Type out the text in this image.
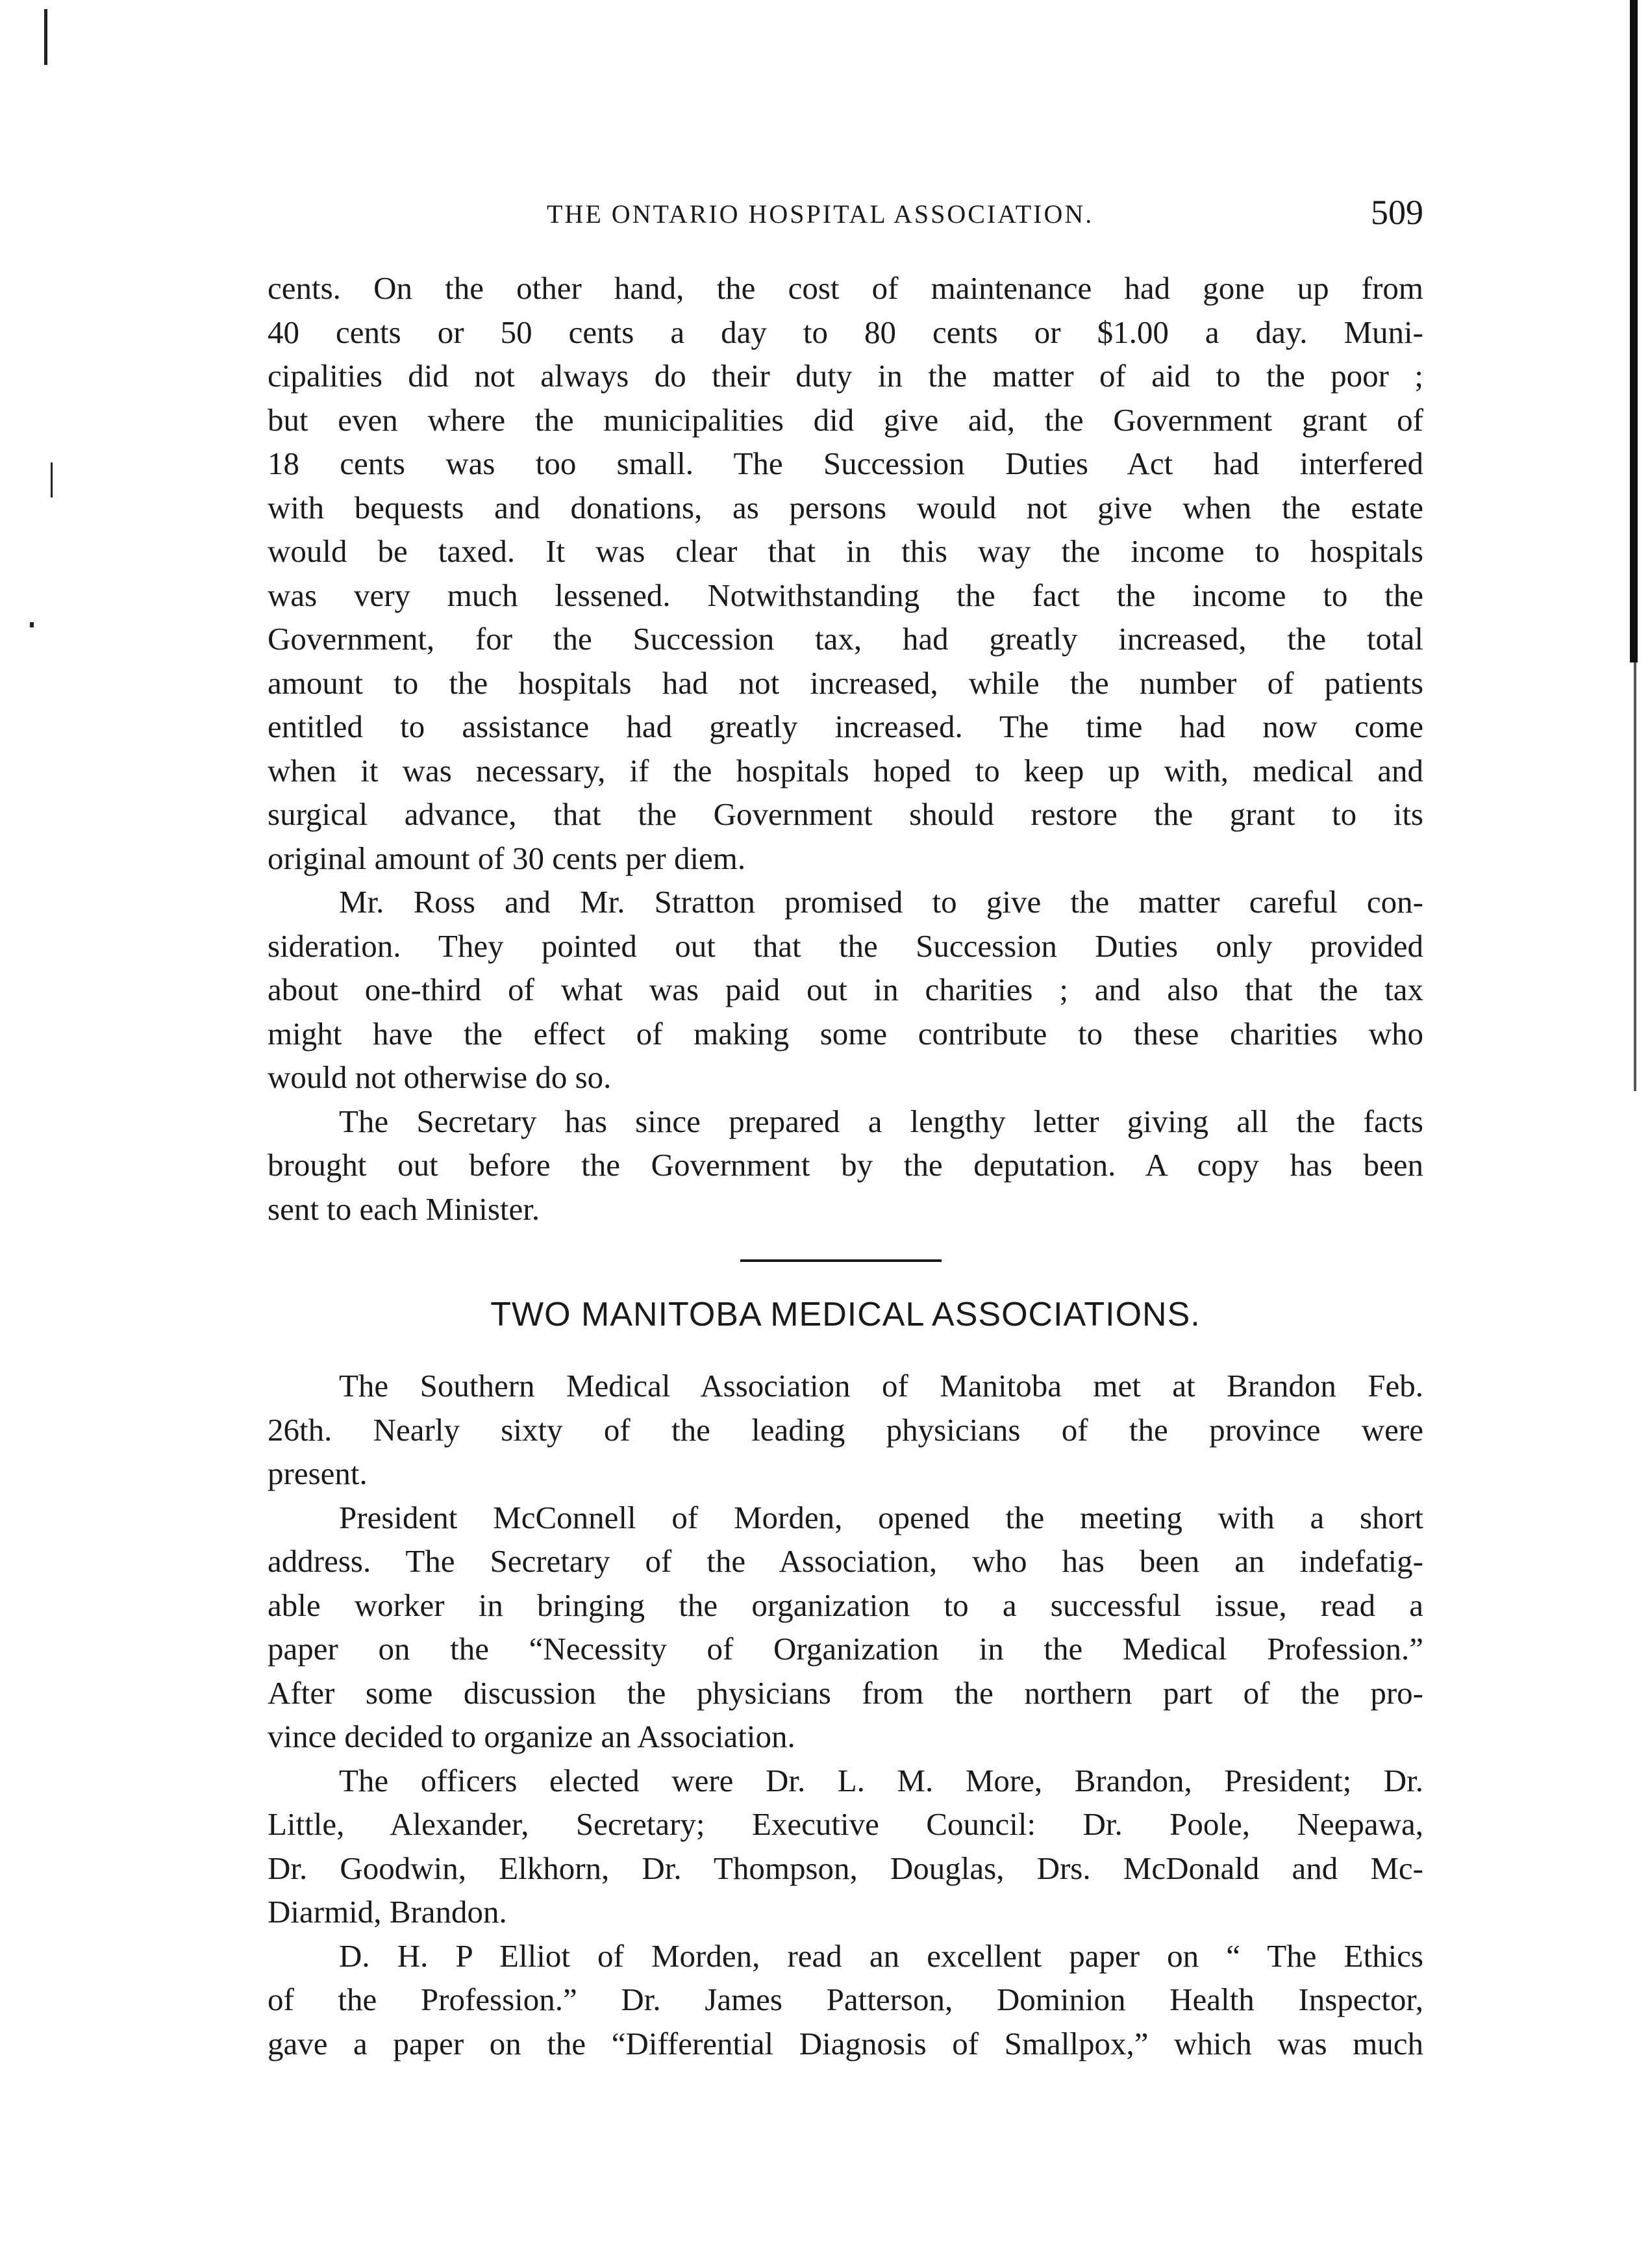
THE ONTARIO HOSPITAL ASSOCIATION.	509
cents. On the other hand, the cost of maintenance had gone up from
40 cents or 50 cents a day to 80 cents or $1.00 a day. Muni-
cipalities did not always do their duty in the matter of aid to the poor ;
but even where the municipalities did give aid, the Government grant of
18 cents was too small. The Succession Duties Act had interfered
with bequests and donations, as persons would not give when the estate
would be taxed. It was clear that in this way the income to hospitals
was very much lessened. Notwithstanding the fact the income to the
Government, for the Succession tax, had greatly increased, the total
amount to the hospitals had not increased, while the number of patients
entitled to assistance had greatly increased. The time had now come
when it was necessary, if the hospitals hoped to keep up with, medical and
surgical advance, that the Government should restore the grant to its
original amount of 30 cents per diem.
Mr. Ross and Mr. Stratton promised to give the matter careful con-
sideration. They pointed out that the Succession Duties only provided
about one-third of what was paid out in charities ; and also that the tax
might have the effect of making some contribute to these charities who
would not otherwise do so.
The Secretary has since prepared a lengthy letter giving all the facts
brought out before the Government by the deputation. A copy has been
sent to each Minister.
TWO MANITOBA MEDICAL ASSOCIATIONS.
The Southern Medical Association of Manitoba met at Brandon Feb.
26th. Nearly sixty of the leading physicians of the province were
present.
President McConnell of Morden, opened the meeting with a short
address. The Secretary of the Association, who has been an indefatig-
able worker in bringing the organization to a successful issue, read a
paper on the “Necessity of Organization in the Medical Profession.”
After some discussion the physicians from the northern part of the pro-
vince decided to organize an Association.
The officers elected were Dr. L. M. More, Brandon, President; Dr.
Little, Alexander, Secretary; Executive Council: Dr. Poole, Neepawa,
Dr. Goodwin, Elkhorn, Dr. Thompson, Douglas, Drs. McDonald and Mc-
Diarmid, Brandon.
D. H. P Elliot of Morden, read an excellent paper on “ The Ethics
of the Profession.” Dr. James Patterson, Dominion Health Inspector,
gave a paper on the “Differential Diagnosis of Smallpox,” which was much
